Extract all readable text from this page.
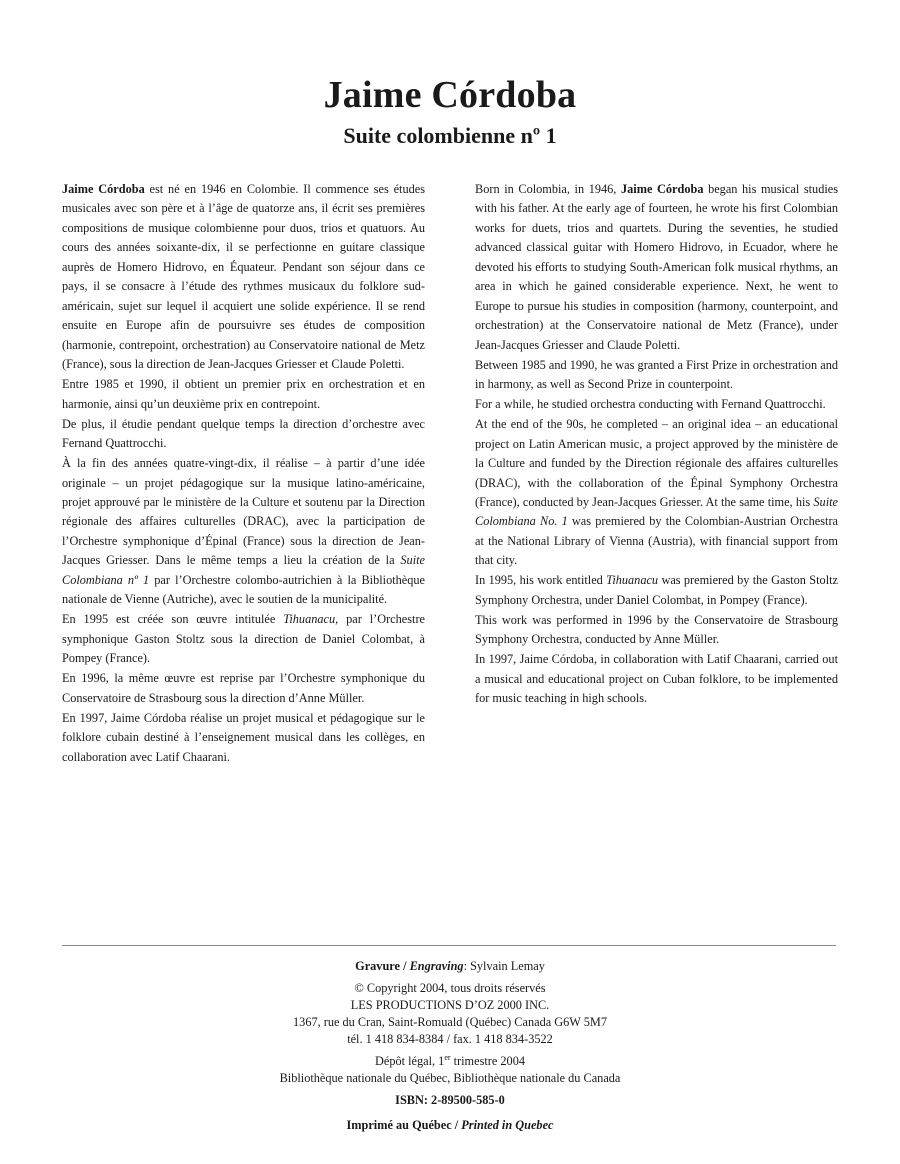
Jaime Córdoba
Suite colombienne nº 1

Jaime Córdoba est né en 1946 en Colombie. Il commence ses études musicales avec son père et à l’âge de quatorze ans, il écrit ses premières compositions de musique colombienne pour duos, trios et quatuors. Au cours des années soixante-dix, il se perfectionne en guitare classique auprès de Homero Hidrovo, en Équateur. Pendant son séjour dans ce pays, il se consacre à l’étude des rythmes musicaux du folklore sud-américain, sujet sur lequel il acquiert une solide expérience. Il se rend ensuite en Europe afin de poursuivre ses études de composition (harmonie, contrepoint, orchestration) au Conservatoire national de Metz (France), sous la direction de Jean-Jacques Griesser et Claude Poletti.

Entre 1985 et 1990, il obtient un premier prix en orchestration et en harmonie, ainsi qu’un deuxième prix en contrepoint.

De plus, il étudie pendant quelque temps la direction d’orchestre avec Fernand Quattrocchi.

À la fin des années quatre-vingt-dix, il réalise – à partir d’une idée originale – un projet pédagogique sur la musique latino-américaine, projet approuvé par le ministère de la Culture et soutenu par la Direction régionale des affaires culturelles (DRAC), avec la participation de l’Orchestre symphonique d’Épinal (France) sous la direction de Jean-Jacques Griesser. Dans le même temps a lieu la création de la Suite Colombiana nº 1 par l’Orchestre colombo-autrichien à la Bibliothèque nationale de Vienne (Autriche), avec le soutien de la municipalité.

En 1995 est créée son œuvre intitulée Tihuanacu, par l’Orchestre symphonique Gaston Stoltz sous la direction de Daniel Colombat, à Pompey (France).

En 1996, la même œuvre est reprise par l’Orchestre symphonique du Conservatoire de Strasbourg sous la direction d’Anne Müller.

En 1997, Jaime Córdoba réalise un projet musical et pédagogique sur le folklore cubain destiné à l’enseignement musical dans les collèges, en collaboration avec Latif Chaarani.

Born in Colombia, in 1946, Jaime Córdoba began his musical studies with his father. At the early age of fourteen, he wrote his first Colombian works for duets, trios and quartets. During the seventies, he studied advanced classical guitar with Homero Hidrovo, in Ecuador, where he devoted his efforts to studying South-American folk musical rhythms, an area in which he gained considerable experience. Next, he went to Europe to pursue his studies in composition (harmony, counterpoint, and orchestration) at the Conservatoire national de Metz (France), under Jean-Jacques Griesser and Claude Poletti.

Between 1985 and 1990, he was granted a First Prize in orchestration and in harmony, as well as Second Prize in counterpoint.

For a while, he studied orchestra conducting with Fernand Quattrocchi.

At the end of the 90s, he completed – an original idea – an educational project on Latin American music, a project approved by the ministère de la Culture and funded by the Direction régionale des affaires culturelles (DRAC), with the collaboration of the Épinal Symphony Orchestra (France), conducted by Jean-Jacques Griesser. At the same time, his Suite Colombiana No. 1 was premiered by the Colombian-Austrian Orchestra at the National Library of Vienna (Austria), with financial support from that city.

In 1995, his work entitled Tihuanacu was premiered by the Gaston Stoltz Symphony Orchestra, under Daniel Colombat, in Pompey (France).

This work was performed in 1996 by the Conservatoire de Strasbourg Symphony Orchestra, conducted by Anne Müller.

In 1997, Jaime Córdoba, in collaboration with Latif Chaarani, carried out a musical and educational project on Cuban folklore, to be implemented for music teaching in high schools.

Gravure / Engraving: Sylvain Lemay
© Copyright 2004, tous droits réservés
LES PRODUCTIONS D’OZ 2000 INC.
1367, rue du Cran, Saint-Romuald (Québec) Canada G6W 5M7
tél. 1 418 834-8384 / fax. 1 418 834-3522
Dépôt légal, 1er trimestre 2004
Bibliothèque nationale du Québec, Bibliothèque nationale du Canada
ISBN: 2-89500-585-0
Imprimé au Québec / Printed in Quebec
